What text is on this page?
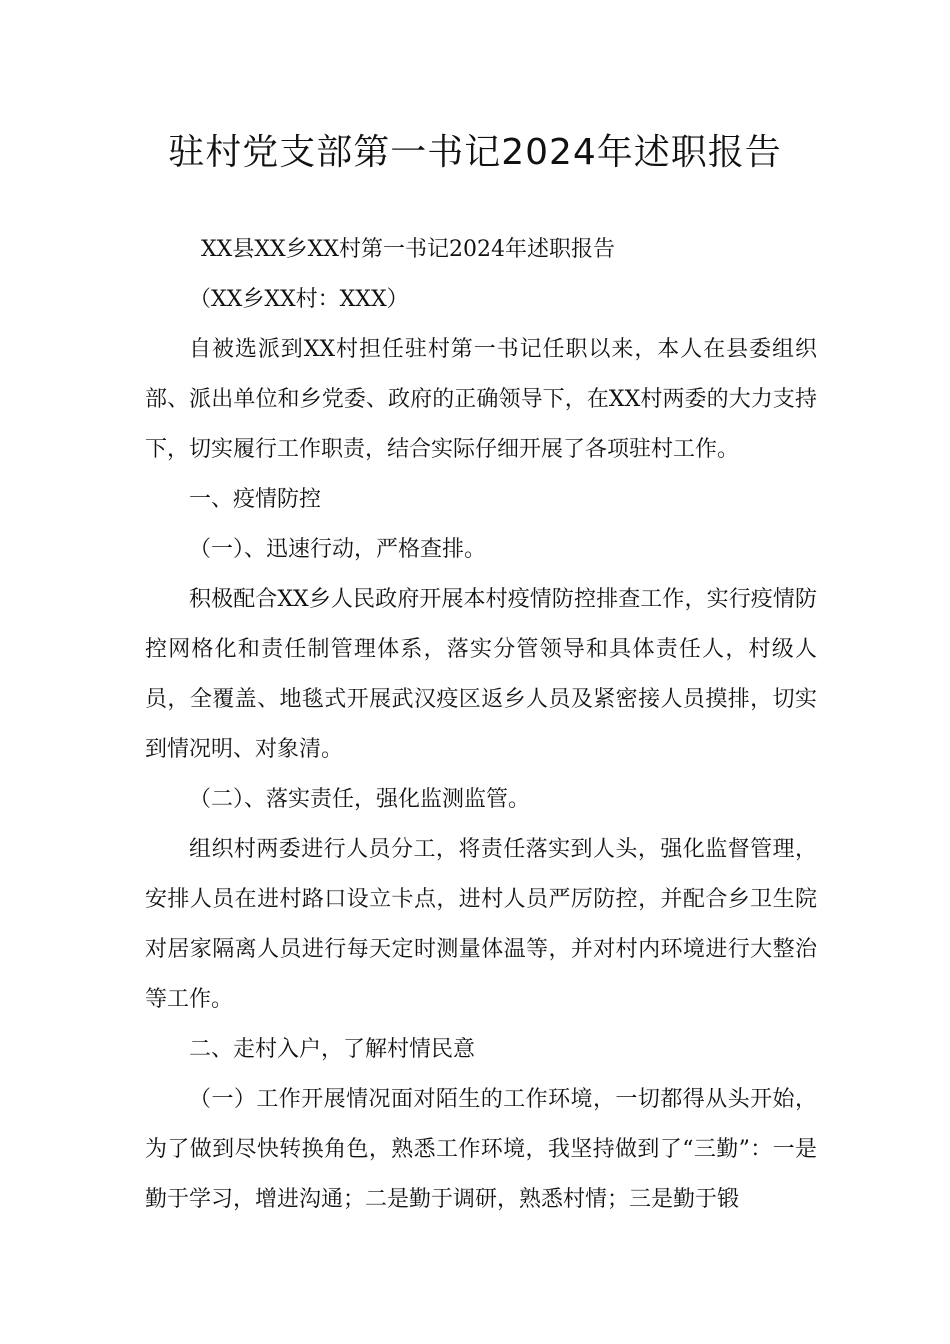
驻村党支部第一书记2024年述职报告

XX县XX乡XX村第一书记2024年述职报告

（XX乡XX村：XXX）

自被选派到XX村担任驻村第一书记任职以来，本人在县委组织部、派出单位和乡党委、政府的正确领导下，在XX村两委的大力支持下，切实履行工作职责，结合实际仔细开展了各项驻村工作。

一、疫情防控

（一）、迅速行动，严格查排。

积极配合XX乡人民政府开展本村疫情防控排查工作，实行疫情防控网格化和责任制管理体系，落实分管领导和具体责任人，村级人员，全覆盖、地毯式开展武汉疫区返乡人员及紧密接人员摸排，切实到情况明、对象清。

（二）、落实责任，强化监测监管。

组织村两委进行人员分工，将责任落实到人头，强化监督管理，安排人员在进村路口设立卡点，进村人员严厉防控，并配合乡卫生院对居家隔离人员进行每天定时测量体温等，并对村内环境进行大整治等工作。

二、走村入户，了解村情民意

（一）工作开展情况面对陌生的工作环境，一切都得从头开始，为了做到尽快转换角色，熟悉工作环境，我坚持做到了“三勤”：一是勤于学习，增进沟通；二是勤于调研，熟悉村情；三是勤于锻
